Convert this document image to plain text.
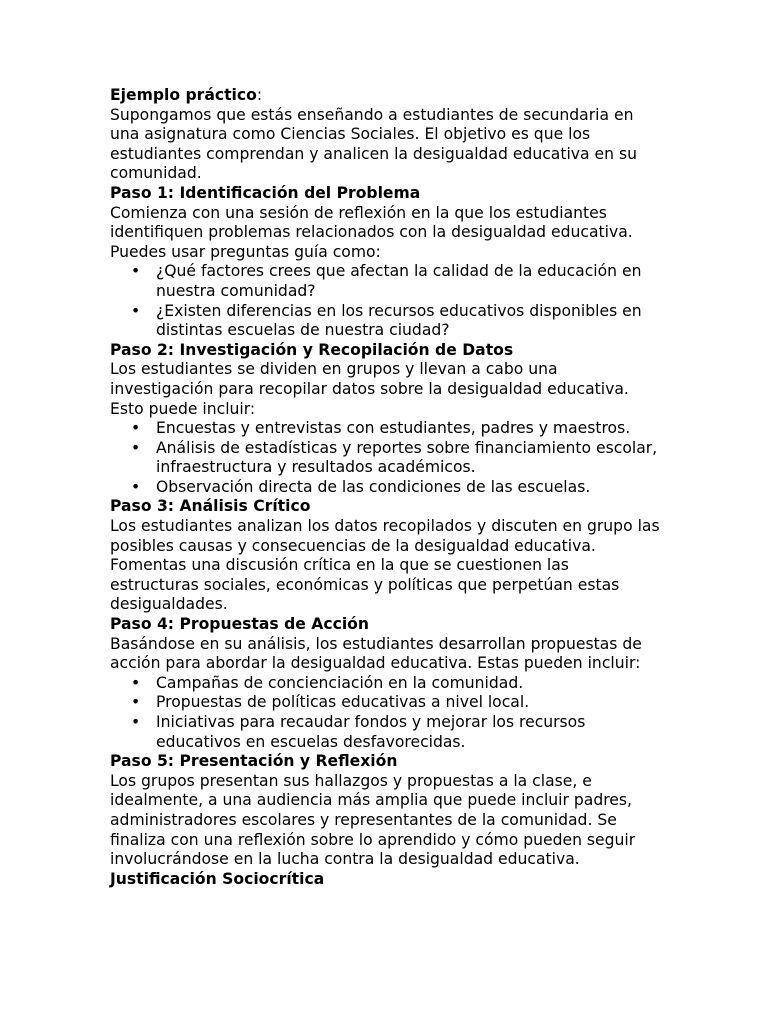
Ejemplo práctico:

Supongamos que estás enseñando a estudiantes de secundaria en una asignatura como Ciencias Sociales. El objetivo es que los estudiantes comprendan y analicen la desigualdad educativa en su comunidad.

Paso 1: Identificación del Problema

Comienza con una sesión de reflexión en la que los estudiantes identifiquen problemas relacionados con la desigualdad educativa. Puedes usar preguntas guía como:

• ¿Qué factores crees que afectan la calidad de la educación en nuestra comunidad?
• ¿Existen diferencias en los recursos educativos disponibles en distintas escuelas de nuestra ciudad?

Paso 2: Investigación y Recopilación de Datos

Los estudiantes se dividen en grupos y llevan a cabo una investigación para recopilar datos sobre la desigualdad educativa. Esto puede incluir:

• Encuestas y entrevistas con estudiantes, padres y maestros.
• Análisis de estadísticas y reportes sobre financiamiento escolar, infraestructura y resultados académicos.
• Observación directa de las condiciones de las escuelas.

Paso 3: Análisis Crítico

Los estudiantes analizan los datos recopilados y discuten en grupo las posibles causas y consecuencias de la desigualdad educativa. Fomentas una discusión crítica en la que se cuestionen las estructuras sociales, económicas y políticas que perpetúan estas desigualdades.

Paso 4: Propuestas de Acción

Basándose en su análisis, los estudiantes desarrollan propuestas de acción para abordar la desigualdad educativa. Estas pueden incluir:

• Campañas de concienciación en la comunidad.
• Propuestas de políticas educativas a nivel local.
• Iniciativas para recaudar fondos y mejorar los recursos educativos en escuelas desfavorecidas.

Paso 5: Presentación y Reflexión

Los grupos presentan sus hallazgos y propuestas a la clase, e idealmente, a una audiencia más amplia que puede incluir padres, administradores escolares y representantes de la comunidad. Se finaliza con una reflexión sobre lo aprendido y cómo pueden seguir involucrándose en la lucha contra la desigualdad educativa.

Justificación Sociocrítica
